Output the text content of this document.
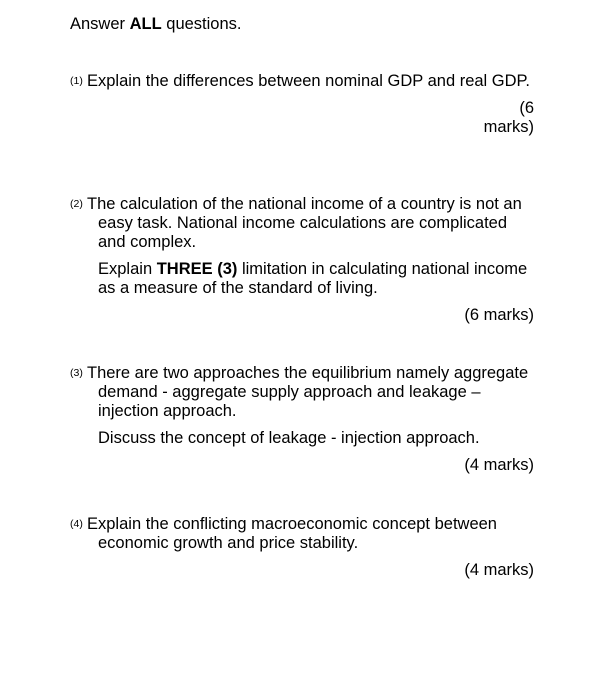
Answer ALL questions.
(1) Explain the differences between nominal GDP and real GDP.
(6 marks)
(2) The calculation of the national income of a country is not an easy task. National income calculations are complicated and complex.
Explain THREE (3) limitation in calculating national income as a measure of the standard of living.
(6 marks)
(3) There are two approaches the equilibrium namely aggregate demand - aggregate supply approach and leakage – injection approach.
Discuss the concept of leakage - injection approach.
(4 marks)
(4) Explain the conflicting macroeconomic concept between economic growth and price stability.
(4 marks)
